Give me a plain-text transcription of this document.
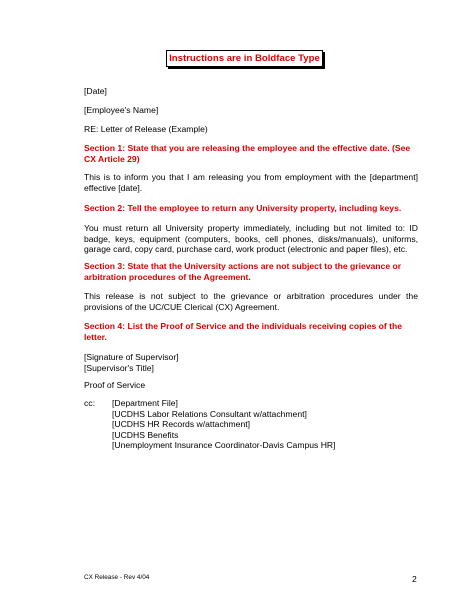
Instructions are in Boldface Type
[Date]
[Employee's Name]
RE: Letter of Release (Example)
Section 1: State that you are releasing the employee and the effective date. (See CX Article 29)
This is to inform you that I am releasing you from employment with the [department] effective [date].
Section 2: Tell the employee to return any University property, including keys.
You must return all University property immediately, including but not limited to: ID badge, keys, equipment (computers, books, cell phones, disks/manuals), uniforms, garage card, copy card, purchase card, work product (electronic and paper files), etc.
Section 3: State that the University actions are not subject to the grievance or arbitration procedures of the Agreement.
This release is not subject to the grievance or arbitration procedures under the provisions of the UC/CUE Clerical (CX) Agreement.
Section 4: List the Proof of Service and the individuals receiving copies of the letter.
[Signature of Supervisor]
[Supervisor's Title]
Proof of Service
cc: [Department File]
[UCDHS Labor Relations Consultant w/attachment]
[UCDHS HR Records w/attachment]
[UCDHS Benefits
[Unemployment Insurance Coordinator-Davis Campus HR]
CX Release - Rev 4/04	2
